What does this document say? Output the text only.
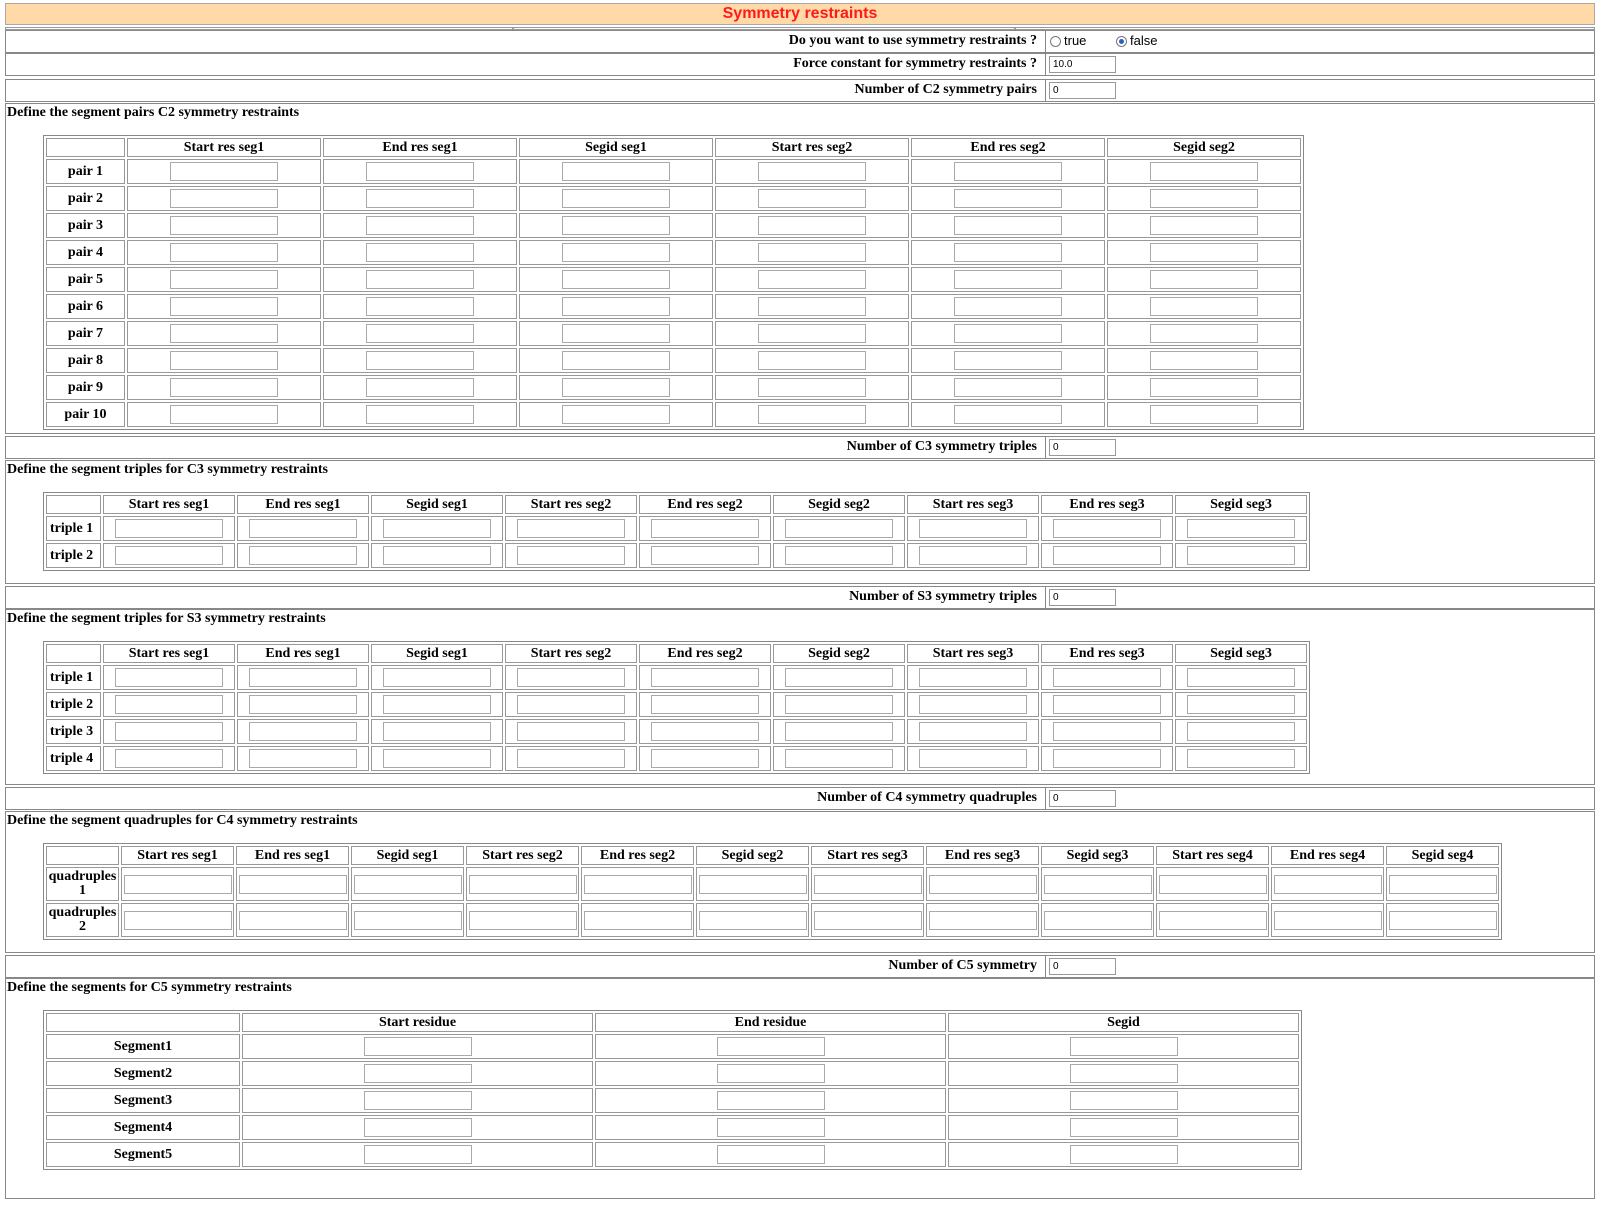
Symmetry restraints
Do you want to use symmetry restraints ?	true	false
Force constant for symmetry restraints ?	10.0
Number of C2 symmetry pairs	0
Define the segment pairs C2 symmetry restraints
	Start res seg1	End res seg1	Segid seg1	Start res seg2	End res seg2	Segid seg2
pair 1						
pair 2						
pair 3						
pair 4						
pair 5						
pair 6						
pair 7						
pair 8						
pair 9						
pair 10						
Number of C3 symmetry triples	0
Define the segment triples for C3 symmetry restraints
	Start res seg1	End res seg1	Segid seg1	Start res seg2	End res seg2	Segid seg2	Start res seg3	End res seg3	Segid seg3
triple 1									
triple 2									
Number of S3 symmetry triples	0
Define the segment triples for S3 symmetry restraints
	Start res seg1	End res seg1	Segid seg1	Start res seg2	End res seg2	Segid seg2	Start res seg3	End res seg3	Segid seg3
triple 1									
triple 2									
triple 3									
triple 4									
Number of C4 symmetry quadruples	0
Define the segment quadruples for C4 symmetry restraints
	Start res seg1	End res seg1	Segid seg1	Start res seg2	End res seg2	Segid seg2	Start res seg3	End res seg3	Segid seg3	Start res seg4	End res seg4	Segid seg4
quadruples 1												
quadruples 2												
Number of C5 symmetry	0
Define the segments for C5 symmetry restraints
	Start residue	End residue	Segid
Segment1			
Segment2			
Segment3			
Segment4			
Segment5			
